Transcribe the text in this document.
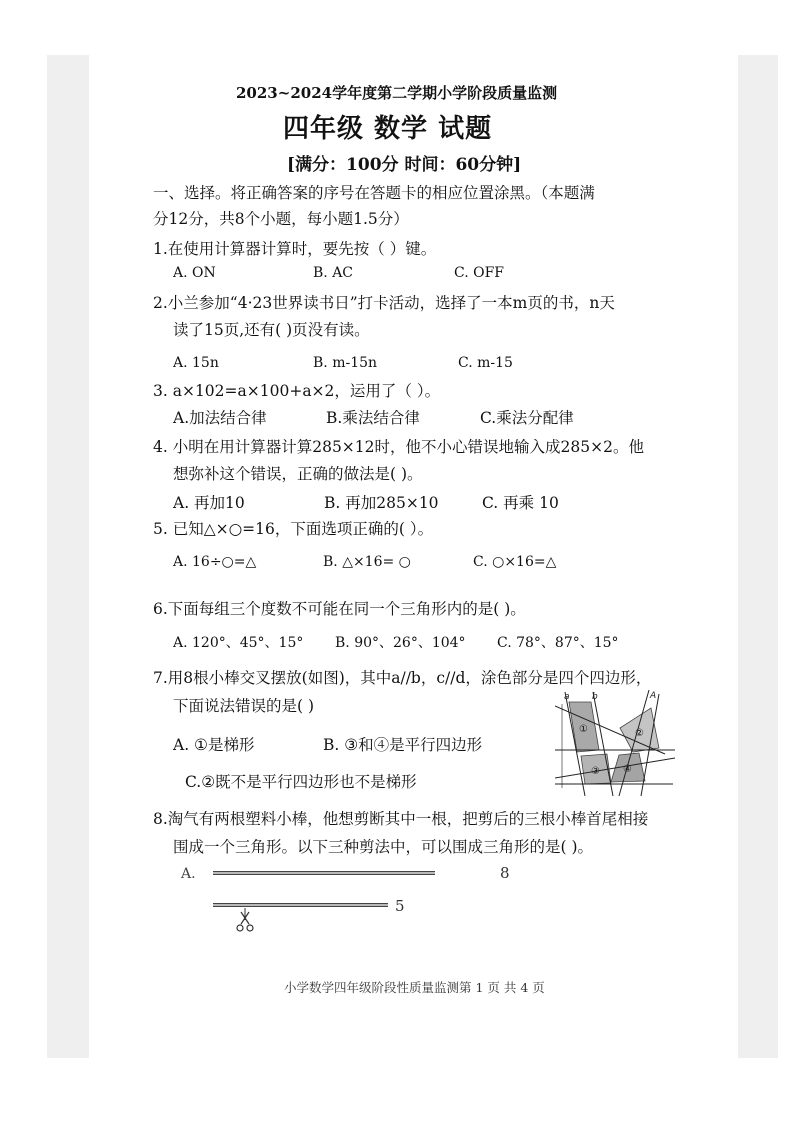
2023~2024学年度第二学期小学阶段质量监测
四年级 数学 试题
[满分：100分 时间：60分钟]
一、选择。将正确答案的序号在答题卡的相应位置涂黑。（本题满
分12分，共8个小题，每小题1.5分）
1.在使用计算器计算时，要先按（ ）键。
A. ON	B. AC	C. OFF
2.小兰参加“4·23世界读书日”打卡活动，选择了一本m页的书，n天
读了15页,还有( )页没有读。
A. 15n	B. m-15n	C. m-15
3. a×102=a×100+a×2，运用了（ ）。
A.加法结合律	B.乘法结合律	C.乘法分配律
4. 小明在用计算器计算285×12时，他不小心错误地输入成285×2。他
想弥补这个错误，正确的做法是( )。
A. 再加10	B. 再加285×10	C. 再乘 10
5. 已知△×○=16，下面选项正确的( ）。
A. 16÷○=△	B. △×16= ○	C. ○×16=△
6.下面每组三个度数不可能在同一个三角形内的是( )。
A. 120°、45°、15° B. 90°、26°、104° C. 78°、87°、15°
7.用8根小棒交叉摆放(如图)，其中a//b，c//d，涂色部分是四个四边形，
下面说法错误的是( )
A. ①是梯形	B. ③和④是平行四边形
C.②既不是平行四边形也不是梯形
a b	A
①	②
③ ④
8.淘气有两根塑料小棒，他想剪断其中一根，把剪后的三根小棒首尾相接
围成一个三角形。以下三种剪法中，可以围成三角形的是( )。
A.	8
5
小学数学四年级阶段性质量监测第 1 页 共 4 页
